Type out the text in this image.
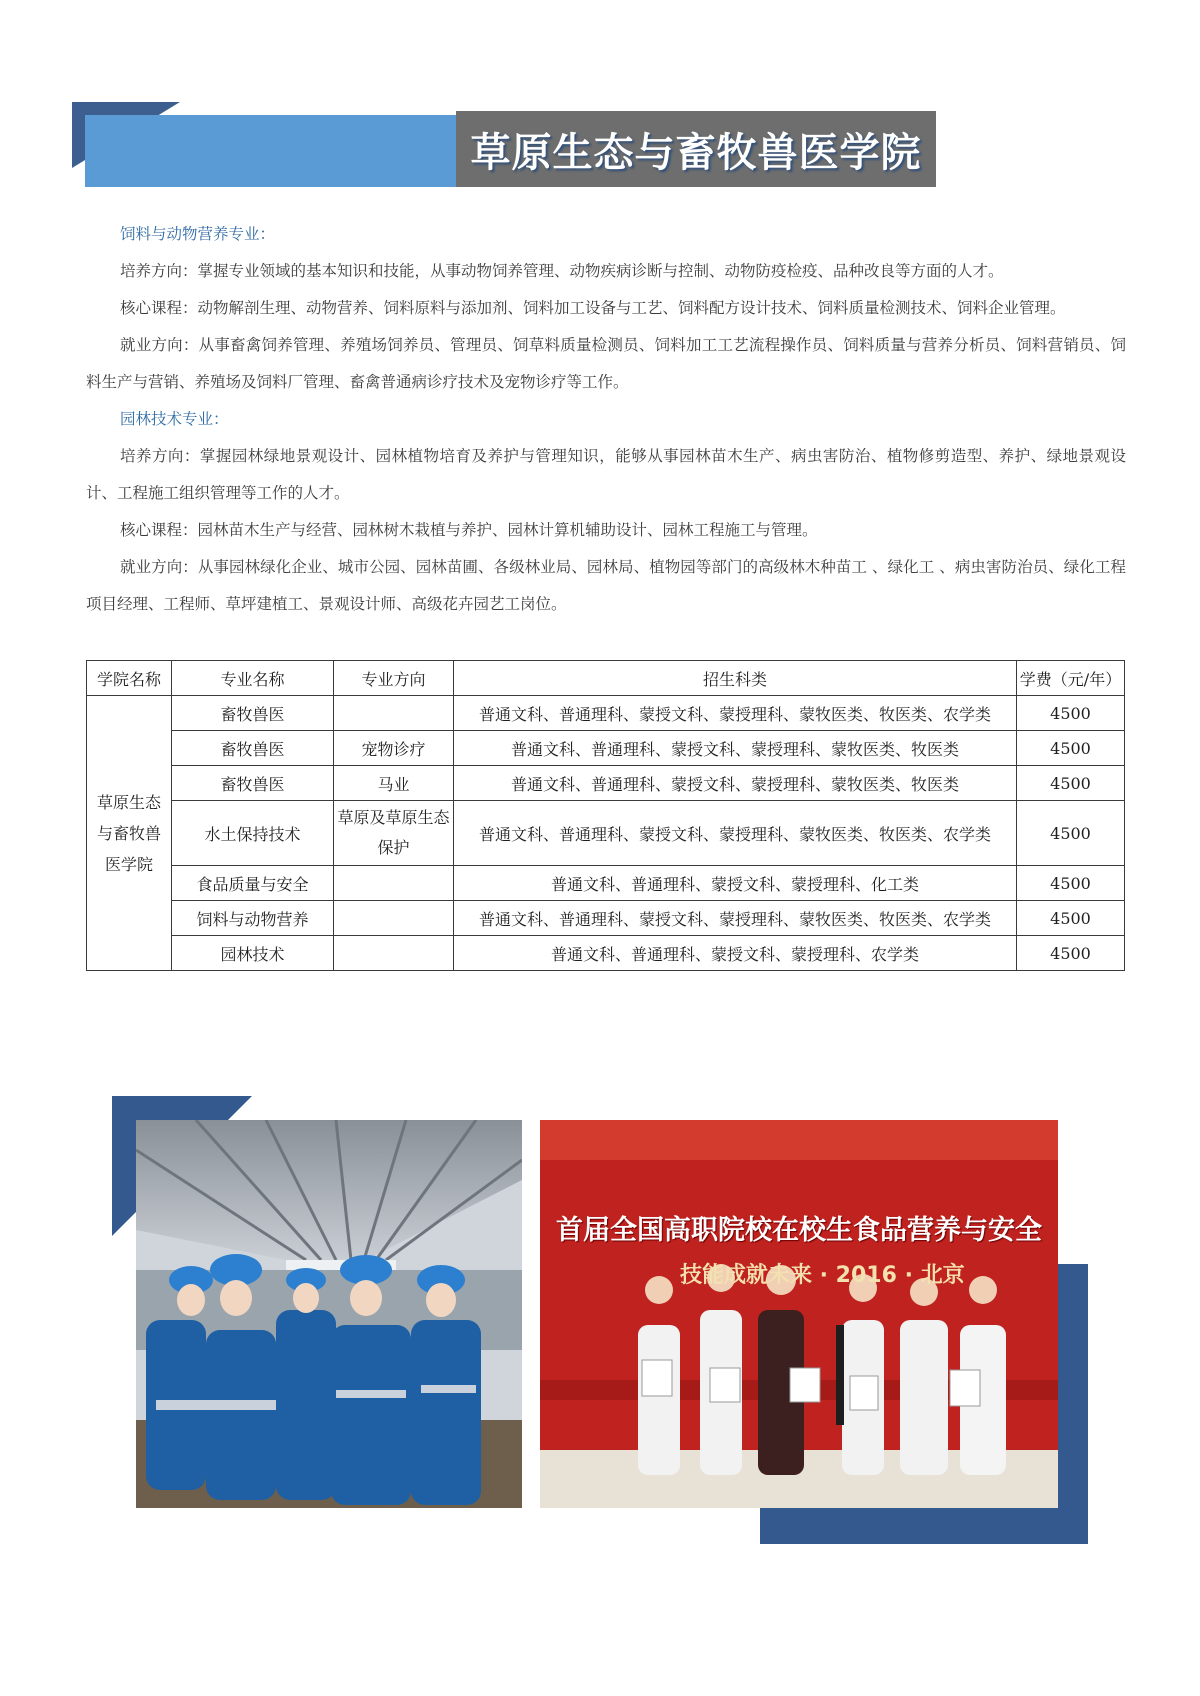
草原生态与畜牧兽医学院

饲料与动物营养专业：

培养方向：掌握专业领域的基本知识和技能，从事动物饲养管理、动物疾病诊断与控制、动物防疫检疫、品种改良等方面的人才。

核心课程：动物解剖生理、动物营养、饲料原料与添加剂、饲料加工设备与工艺、饲料配方设计技术、饲料质量检测技术、饲料企业管理。

就业方向：从事畜禽饲养管理、养殖场饲养员、管理员、饲草料质量检测员、饲料加工工艺流程操作员、饲料质量与营养分析员、饲料营销员、饲料生产与营销、养殖场及饲料厂管理、畜禽普通病诊疗技术及宠物诊疗等工作。

园林技术专业：

培养方向：掌握园林绿地景观设计、园林植物培育及养护与管理知识，能够从事园林苗木生产、病虫害防治、植物修剪造型、养护、绿地景观设计、工程施工组织管理等工作的人才。

核心课程：园林苗木生产与经营、园林树木栽植与养护、园林计算机辅助设计、园林工程施工与管理。

就业方向：从事园林绿化企业、城市公园、园林苗圃、各级林业局、园林局、植物园等部门的高级林木种苗工 、绿化工 、病虫害防治员、绿化工程项目经理、工程师、草坪建植工、景观设计师、高级花卉园艺工岗位。

学院名称	专业名称	专业方向	招生科类	学费（元/年）
草原生态与畜牧兽医学院	畜牧兽医		普通文科、普通理科、蒙授文科、蒙授理科、蒙牧医类、牧医类、农学类	4500
	畜牧兽医	宠物诊疗	普通文科、普通理科、蒙授文科、蒙授理科、蒙牧医类、牧医类	4500
	畜牧兽医	马业	普通文科、普通理科、蒙授文科、蒙授理科、蒙牧医类、牧医类	4500
	水土保持技术	草原及草原生态保护	普通文科、普通理科、蒙授文科、蒙授理科、蒙牧医类、牧医类、农学类	4500
	食品质量与安全		普通文科、普通理科、蒙授文科、蒙授理科、化工类	4500
	饲料与动物营养		普通文科、普通理科、蒙授文科、蒙授理科、蒙牧医类、牧医类、农学类	4500
	园林技术		普通文科、普通理科、蒙授文科、蒙授理科、农学类	4500
首届全国高职院校在校生食品营养与安全
技能成就未来 · 2016 · 北京
